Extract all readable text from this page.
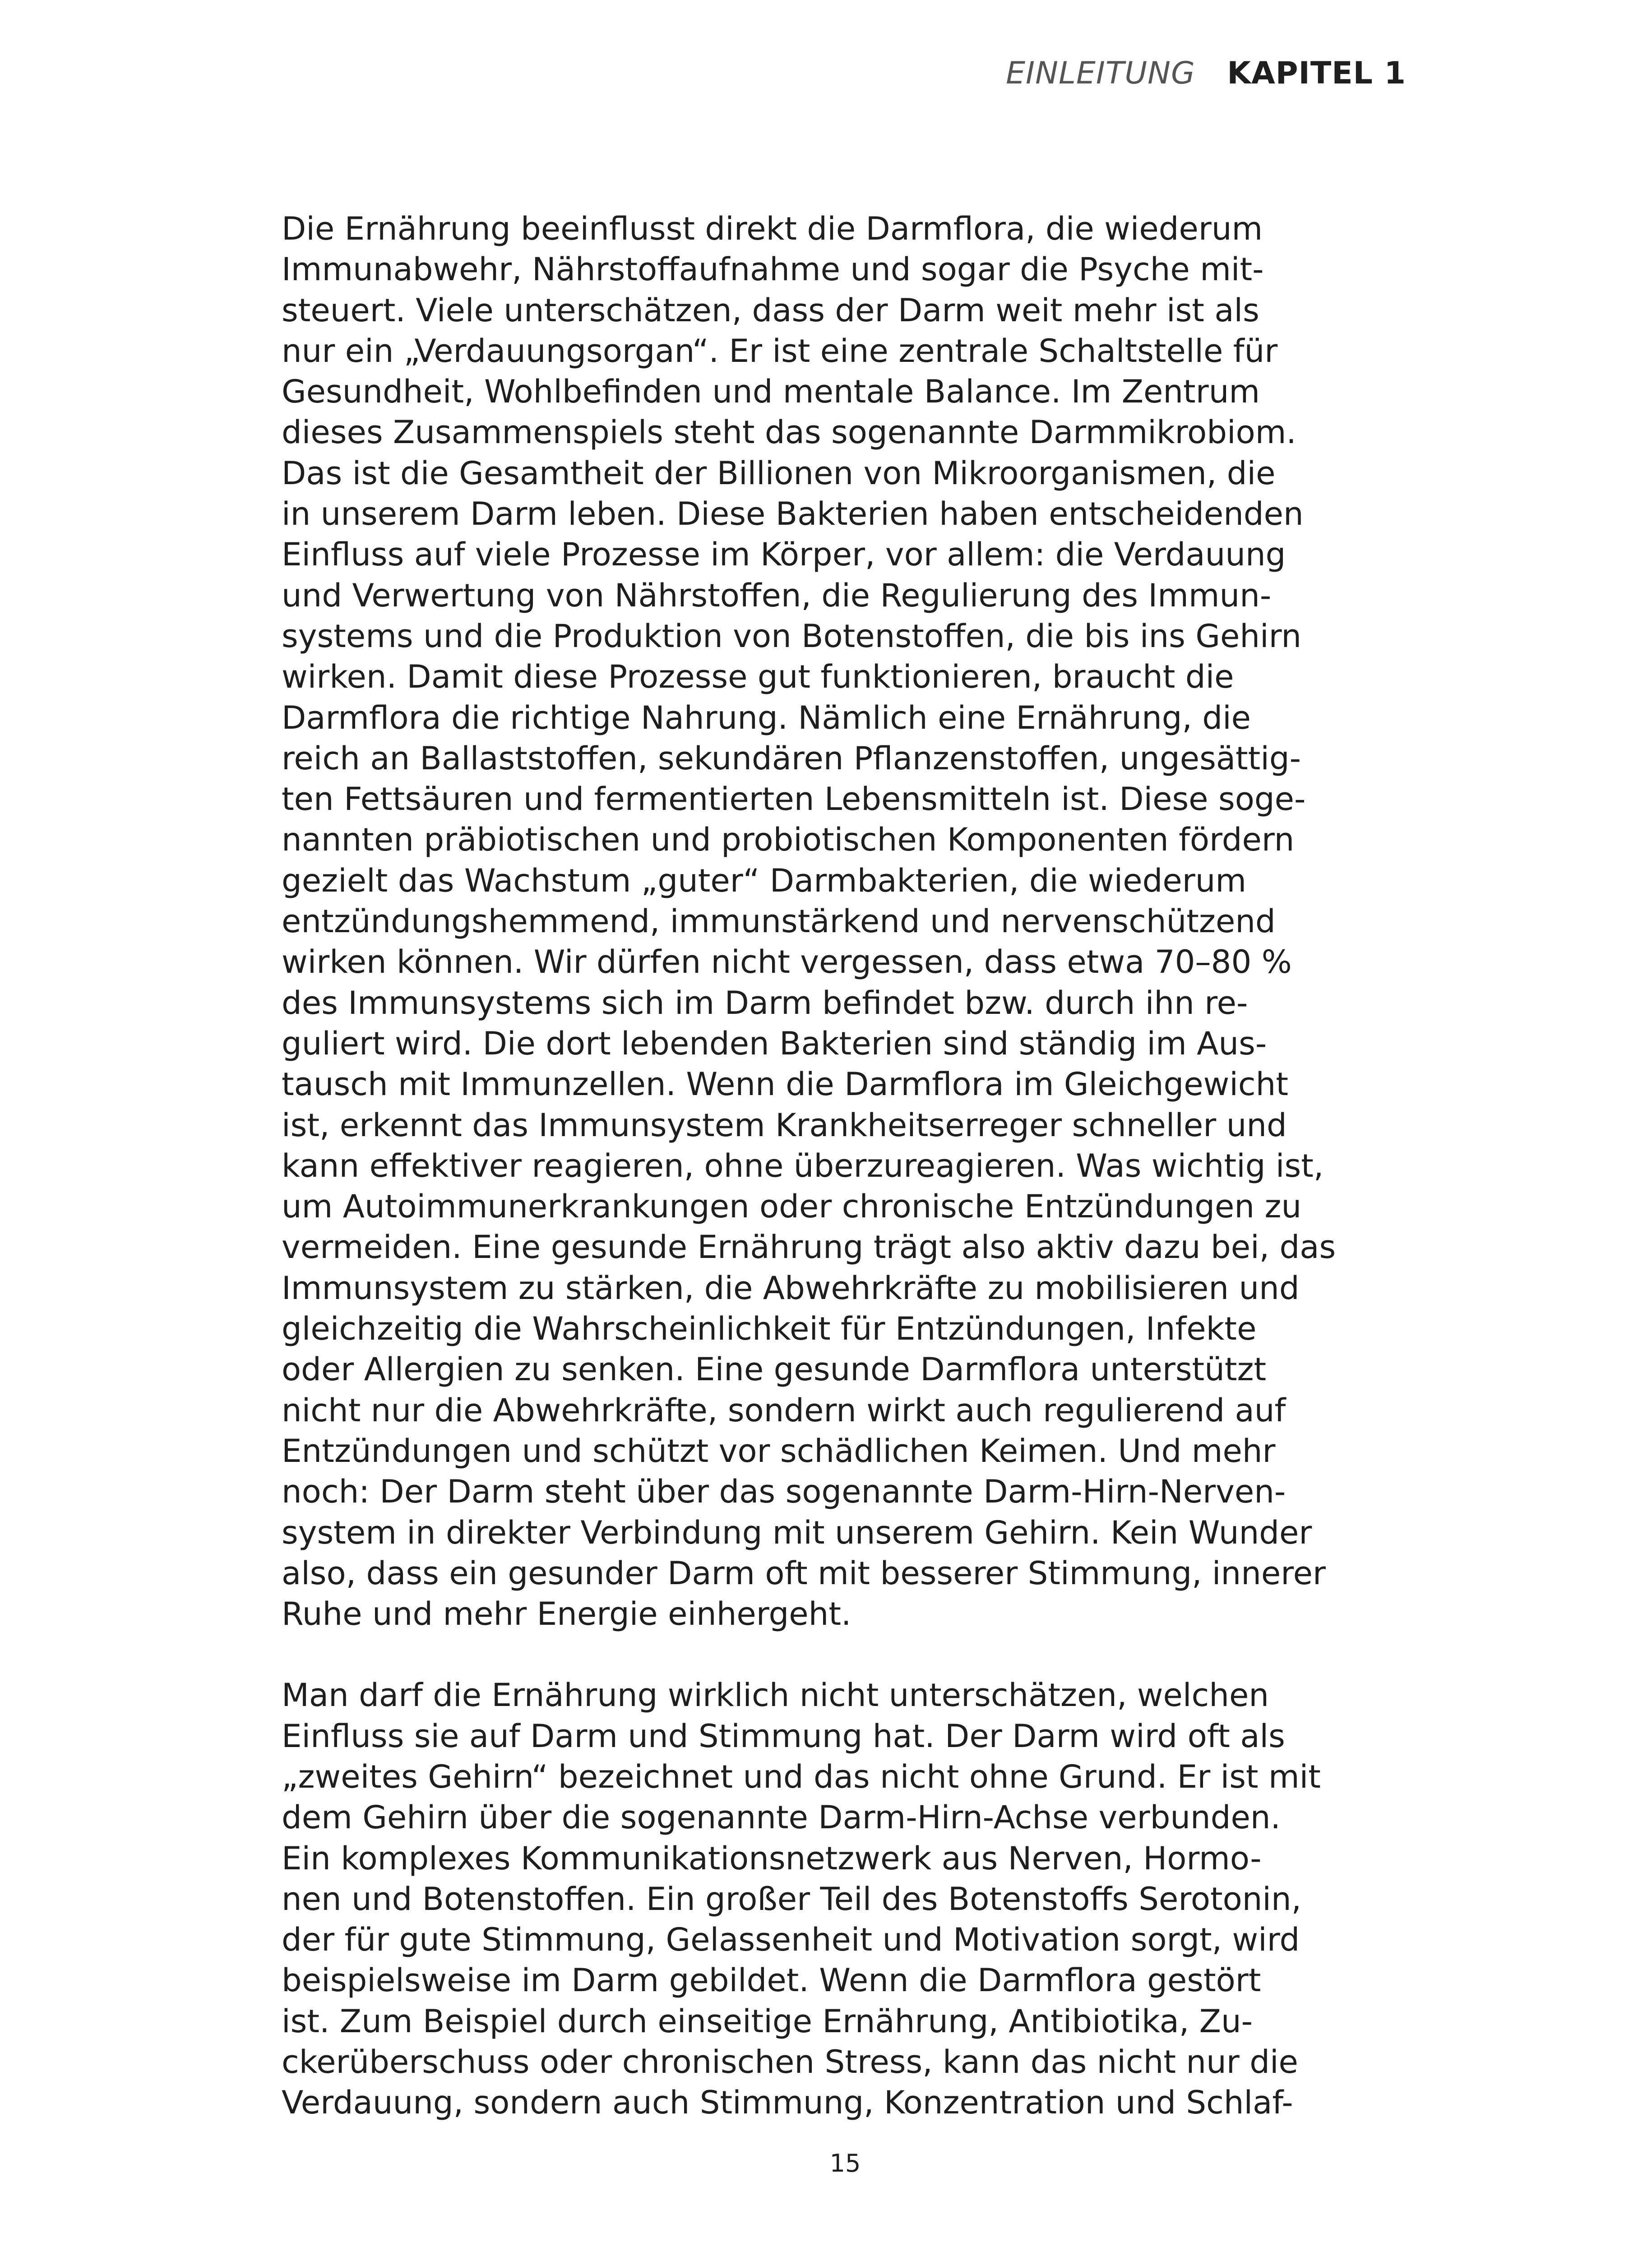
EINLEITUNG KAPITEL 1
Die Ernährung beeinflusst direkt die Darmflora, die wiederum
Immunabwehr, Nährstoffaufnahme und sogar die Psyche mit-
steuert. Viele unterschätzen, dass der Darm weit mehr ist als
nur ein „Verdauungsorgan“. Er ist eine zentrale Schaltstelle für
Gesundheit, Wohlbefinden und mentale Balance. Im Zentrum
dieses Zusammenspiels steht das sogenannte Darmmikrobiom.
Das ist die Gesamtheit der Billionen von Mikroorganismen, die
in unserem Darm leben. Diese Bakterien haben entscheidenden
Einfluss auf viele Prozesse im Körper, vor allem: die Verdauung
und Verwertung von Nährstoffen, die Regulierung des Immun-
systems und die Produktion von Botenstoffen, die bis ins Gehirn
wirken. Damit diese Prozesse gut funktionieren, braucht die
Darmflora die richtige Nahrung. Nämlich eine Ernährung, die
reich an Ballaststoffen, sekundären Pflanzenstoffen, ungesättig-
ten Fettsäuren und fermentierten Lebensmitteln ist. Diese soge-
nannten präbiotischen und probiotischen Komponenten fördern
gezielt das Wachstum „guter“ Darmbakterien, die wiederum
entzündungshemmend, immunstärkend und nervenschützend
wirken können. Wir dürfen nicht vergessen, dass etwa 70–80 %
des Immunsystems sich im Darm befindet bzw. durch ihn re-
guliert wird. Die dort lebenden Bakterien sind ständig im Aus-
tausch mit Immunzellen. Wenn die Darmflora im Gleichgewicht
ist, erkennt das Immunsystem Krankheitserreger schneller und
kann effektiver reagieren, ohne überzureagieren. Was wichtig ist,
um Autoimmunerkrankungen oder chronische Entzündungen zu
vermeiden. Eine gesunde Ernährung trägt also aktiv dazu bei, das
Immunsystem zu stärken, die Abwehrkräfte zu mobilisieren und
gleichzeitig die Wahrscheinlichkeit für Entzündungen, Infekte
oder Allergien zu senken. Eine gesunde Darmflora unterstützt
nicht nur die Abwehrkräfte, sondern wirkt auch regulierend auf
Entzündungen und schützt vor schädlichen Keimen. Und mehr
noch: Der Darm steht über das sogenannte Darm-Hirn-Nerven-
system in direkter Verbindung mit unserem Gehirn. Kein Wunder
also, dass ein gesunder Darm oft mit besserer Stimmung, innerer
Ruhe und mehr Energie einhergeht.
Man darf die Ernährung wirklich nicht unterschätzen, welchen
Einfluss sie auf Darm und Stimmung hat. Der Darm wird oft als
„zweites Gehirn“ bezeichnet und das nicht ohne Grund. Er ist mit
dem Gehirn über die sogenannte Darm-Hirn-Achse verbunden.
Ein komplexes Kommunikationsnetzwerk aus Nerven, Hormo-
nen und Botenstoffen. Ein großer Teil des Botenstoffs Serotonin,
der für gute Stimmung, Gelassenheit und Motivation sorgt, wird
beispielsweise im Darm gebildet. Wenn die Darmflora gestört
ist. Zum Beispiel durch einseitige Ernährung, Antibiotika, Zu-
ckerüberschuss oder chronischen Stress, kann das nicht nur die
Verdauung, sondern auch Stimmung, Konzentration und Schlaf-
15
